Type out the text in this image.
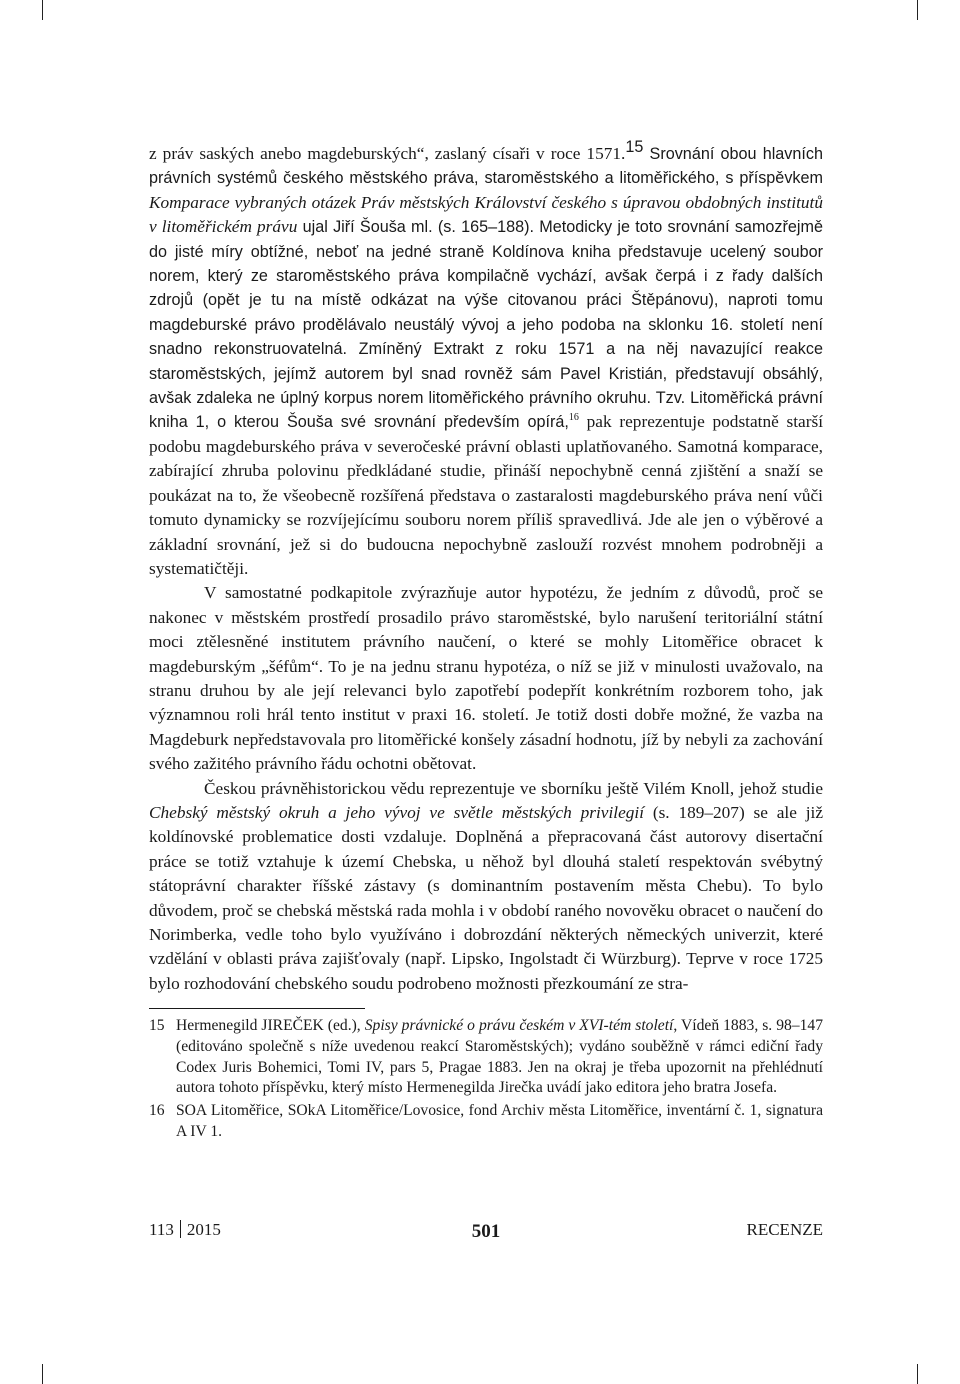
z práv saských anebo magdeburských“, zaslaný císaři v roce 1571.15 Srovnání obou hlavních právních systémů českého městského práva, staroměstského a litoměřického, s příspěvkem Komparace vybraných otázek Práv městských Království českého s úpravou obdobných institutů v litoměřickém právu ujal Jiří Šouša ml. (s. 165–188). Metodicky je toto srovnání samozřejmě do jisté míry obtížné, neboť na jedné straně Koldínova kniha představuje ucelený soubor norem, který ze staroměstského práva kompilačně vychází, avšak čerpá i z řady dalších zdrojů (opět je tu na místě odkázat na výše citovanou práci Štěpánovu), naproti tomu magdeburské právo prodělávalo neustálý vývoj a jeho podoba na sklonku 16. století není snadno rekonstruovatelná. Zmíněný Extrakt z roku 1571 a na něj navazující reakce staroměstských, jejímž autorem byl snad rovněž sám Pavel Kristián, představují obsáhlý, avšak zdaleka ne úplný korpus norem litoměřického právního okruhu. Tzv. Litoměřická právní kniha 1, o kterou Šouša své srovnání především opírá,$^{16}$ pak reprezentuje podstatně starší podobu magdeburského práva v severočeské právní oblasti uplatňovaného. Samotná komparace, zabírající zhruba polovinu předkládané studie, přináší nepochybně cenná zjištění a snaží se poukázat na to, že všeobecně rozšířená představa o zastaralosti magdeburského práva není vůči tomuto dynamicky se rozvíjejícímu souboru norem příliš spravedlivá. Jde ale jen o výběrové a základní srovnání, jež si do budoucna nepochybně zaslouží rozvést mnohem podrobněji a systematičtěji.

V samostatné podkapitole zvýrazňuje autor hypotézu, že jedním z důvodů, proč se nakonec v městském prostředí prosadilo právo staroměstské, bylo narušení teritoriální státní moci ztělesněné institutem právního naučení, o které se mohly Litoměřice obracet k magdeburským „šéfům“. To je na jednu stranu hypotéza, o níž se již v minulosti uvažovalo, na stranu druhou by ale její relevanci bylo zapotřebí podepřít konkrétním rozborem toho, jak významnou roli hrál tento institut v praxi 16. století. Je totiž dosti dobře možné, že vazba na Magdeburk nepředstavovala pro litoměřické konšely zásadní hodnotu, jíž by nebyli za zachování svého zažitého právního řádu ochotni obětovat.

Českou právněhistorickou vědu reprezentuje ve sborníku ještě Vilém Knoll, jehož studie Chebský městský okruh a jeho vývoj ve světle městských privilegií (s. 189–207) se ale již koldínovské problematice dosti vzdaluje. Doplněná a přepracovaná část autorovy disertační práce se totiž vztahuje k území Chebska, u něhož byl dlouhá staletí respektován svébytný státoprávní charakter říšské zástavy (s dominantním postavením města Chebu). To bylo důvodem, proč se chebská městská rada mohla i v období raného novověku obracet o naučení do Norimberka, vedle toho bylo využíváno i dobrozdání některých německých univerzit, které vzdělání v oblasti práva zajišťovaly (např. Lipsko, Ingolstadt či Würzburg). Teprve v roce 1725 bylo rozhodování chebského soudu podrobeno možnosti přezkoumání ze stra-

15 Hermenegild JIREČEK (ed.), Spisy právnické o právu českém v XVI-tém století, Vídeň 1883, s. 98–147 (editováno společně s níže uvedenou reakcí Staroměstských); vydáno souběžně v rámci ediční řady Codex Juris Bohemici, Tomi IV, pars 5, Pragae 1883. Jen na okraj je třeba upozornit na přehlédnutí autora tohoto příspěvku, který místo Hermenegilda Jirečka uvádí jako editora jeho bratra Josefa.
16 SOA Litoměřice, SOkA Litoměřice/Lovosice, fond Archiv města Litoměřice, inventární č. 1, signatura A IV 1.
113 2015	501	RECENZE
